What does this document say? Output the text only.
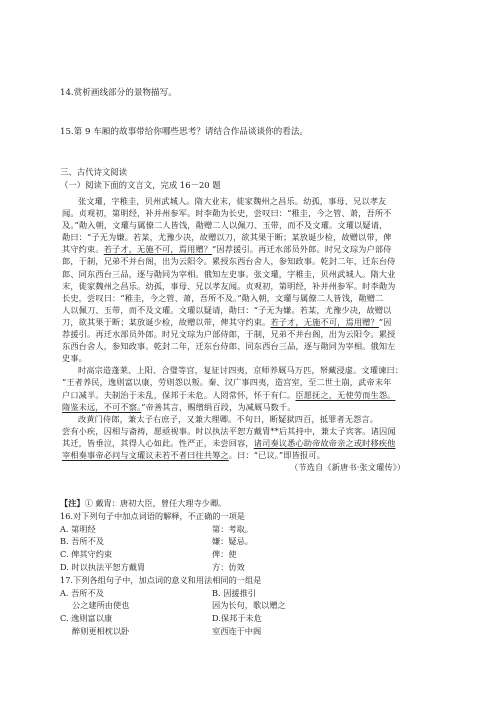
14.赏析画线部分的景物描写。
15.第 9 车厢的故事带给你哪些思考？请结合作品谈谈你的看法。
三、古代诗文阅读
（一）阅读下面的文言文，完成 16－20 题
张文瓘，字稚圭，贝州武城人。隋大业末，徙家魏州之昌乐。幼孤，事母、兄以孝友
闻。贞观初，第明经，补并州参军。时李勣为长史，尝叹曰：“稚圭，今之管、萧，吾所不
及。”勣入朝，文瓘与属僚二人皆饯，勣赠二人以佩刀、玉带，而不及文瓘。文瓘以疑请，
勣曰：“子无为嫌。若某，尤豫少决，故赠以刀，欲其果于断；某放诞少检，故赠以带，俾
其守约束。若子才，无施不可，焉用赠？”因荐援引。再迁水部员外郎。时兄文琮为户部侍
郎，于制，兄弟不并台阁，出为云阳令。累授东西台舍人，参知政事。乾封二年，迁东台侍
郎、同东西台三品，逐与勣同为宰相。俄知左史事。张文瓘，字稚圭，贝州武城人。隋大业
末，徙家魏州之昌乐。幼孤，事母、兄以孝友闻。贞观初，第明经，补并州参军。时李勣为
长史，尝叹曰：“稚圭，今之管、萧，吾所不及。”勣入朝，文瓘与属僚二人皆饯，勣赠二
人以佩刀、玉带，而不及文瓘。文瓘以疑请，勣曰：“子无为嫌。若某，尤豫少决，故赠以
刀，欲其果于断；某放诞少检，故赠以带，俾其守约束。若子才，无施不可，焉用赠？”因
荐援引。再迁水部员外郎。时兄文琮为户部侍郎，于制，兄弟不并台阁，出为云阳令。累授
东西台舍人，参知政事。乾封二年，迁东台侍郎、同东西台三品，逐与勣同为宰相。俄知左
史事。
时高宗造蓬莱、上阳、合璧等宫，复征讨四夷，京师养厩马万匹，帑藏浸虚。文瓘谏曰：
“王者养民，逸则富以康，劳则怨以叛。秦、汉广事四夷，造宫室，至二世土崩，武帝末年
户口减半。夫制治于未乱，保邦于未危。人罔常怀，怀于有仁。臣愿抚之，无使劳而生怨。
隋鉴未远，不可不察。”帝善其言，赐缯绢百段，为减厩马数千。
改黄门侍郎，兼太子右庶子，又兼大理卿。不旬日，断疑狱四百，抵罪者无怨言。
尝有小疾，囚相与斋祷，愿亟视事。时以执法平恕方戴胄**后其持中，兼太子宾客。诸囚闻
其迁，皆垂泣，其得人心如此。性严正，未尝回容，诸司奏议悉心助帝故帝亲之或时移疾他
宰相奏事帝必问与文瓘议未若不者曰往共筹之。曰：“已议。”即皆报可。
（节选自《新唐书·张文瓘传》）
【注】① 戴胄：唐初大臣，曾任大理寺少卿。
16.对下列句子中加点词语的解释，不正确的一项是
A. 第明经	第：考取。
B. 吾所不及	嫌：疑忌。
C. 俾其守约束	俾：使
D. 时以执法平恕方戴胄	方：仿效
17.下列各组句子中，加点词的意义和用法相同的一组是
A. 吾所不及	B. 因援推引
公之建所由使也	因为长句，歌以赠之
C. 逸则富以康	D.保邦于未危
醉则更相枕以卧	室西连于中阁
